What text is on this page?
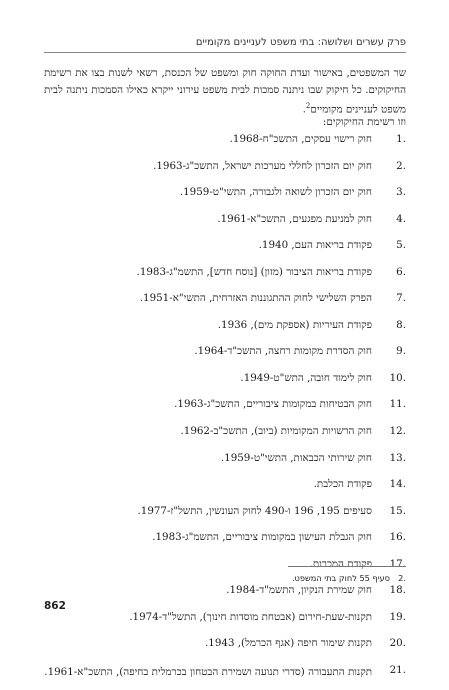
פרק עשרים ושלושה: בתי משפט לעניינים מקומיים

שר המשפטים, באישור ועדת החוקה חוק ומשפט של הכנסת, רשאי לשנות בצו את רשימת החיקוקים. כל חיקוק שבו ניתנה סמכות לבית משפט עירוני ייקרא כאילו הסמכות ניתנה לבית משפט לעניינים מקומיים$^2$.

וזו רשימת החיקוקים:
.1
חוק רישוי עסקים, התשכ"ח-1968.
.2
חוק יום הזכרון לחללי מערכות ישראל, התשכ"ג-1963.
.3
חוק יום הזכרון לשואה ולגבורה, התשי"ט-1959.
.4
חוק למניעת מפגעים, התשכ"א-1961.
.5
פקודת בריאות העם, 1940.
.6
פקודת בריאות הציבור (מזון) [נוסח חדש], התשמ"ג-1983.
.7
הפרק השלישי לחוק ההתגוננות האזרחית, התשי"א-1951.
.8
פקודת העיריות (אספקת מים), 1936.
.9
חוק הסדרת מקומות רחצה, התשכ"ד-1964.
.10
חוק לימוד חובה, התש"ט-1949.
.11
חוק הבטיחות במקומות ציבוריים, התשכ"ג-1963.
.12
חוק הרשויות המקומיות (ביוב), התשכ"ב-1962.
.13
חוק שירותי הכבאות, התשי"ט-1959.
.14
פקודת הכלבת.
.15
סעיפים 195, 196 ו-490 לחוק העונשין, התשל"ז-1977.
.16
חוק הגבלת העישון במקומות ציבוריים, התשמ"ג-1983.
.17
פקודת המכרות.
.18
חוק שמירת הנקיון, התשמ"ד-1984.
.19
תקנות-שעת-חירום (אבטחת מוסדות חינוך), התשל"ד-1974.
.20
תקנות שימור חיפה (אגף הכרמל), 1943.
.21
תקנות התעבורה (סדרי תנועה ושמירת הבטחון בכרמלית בחיפה), התשכ"א-1961.
.2סעיף 55 לחוק בתי המשפט.
862
